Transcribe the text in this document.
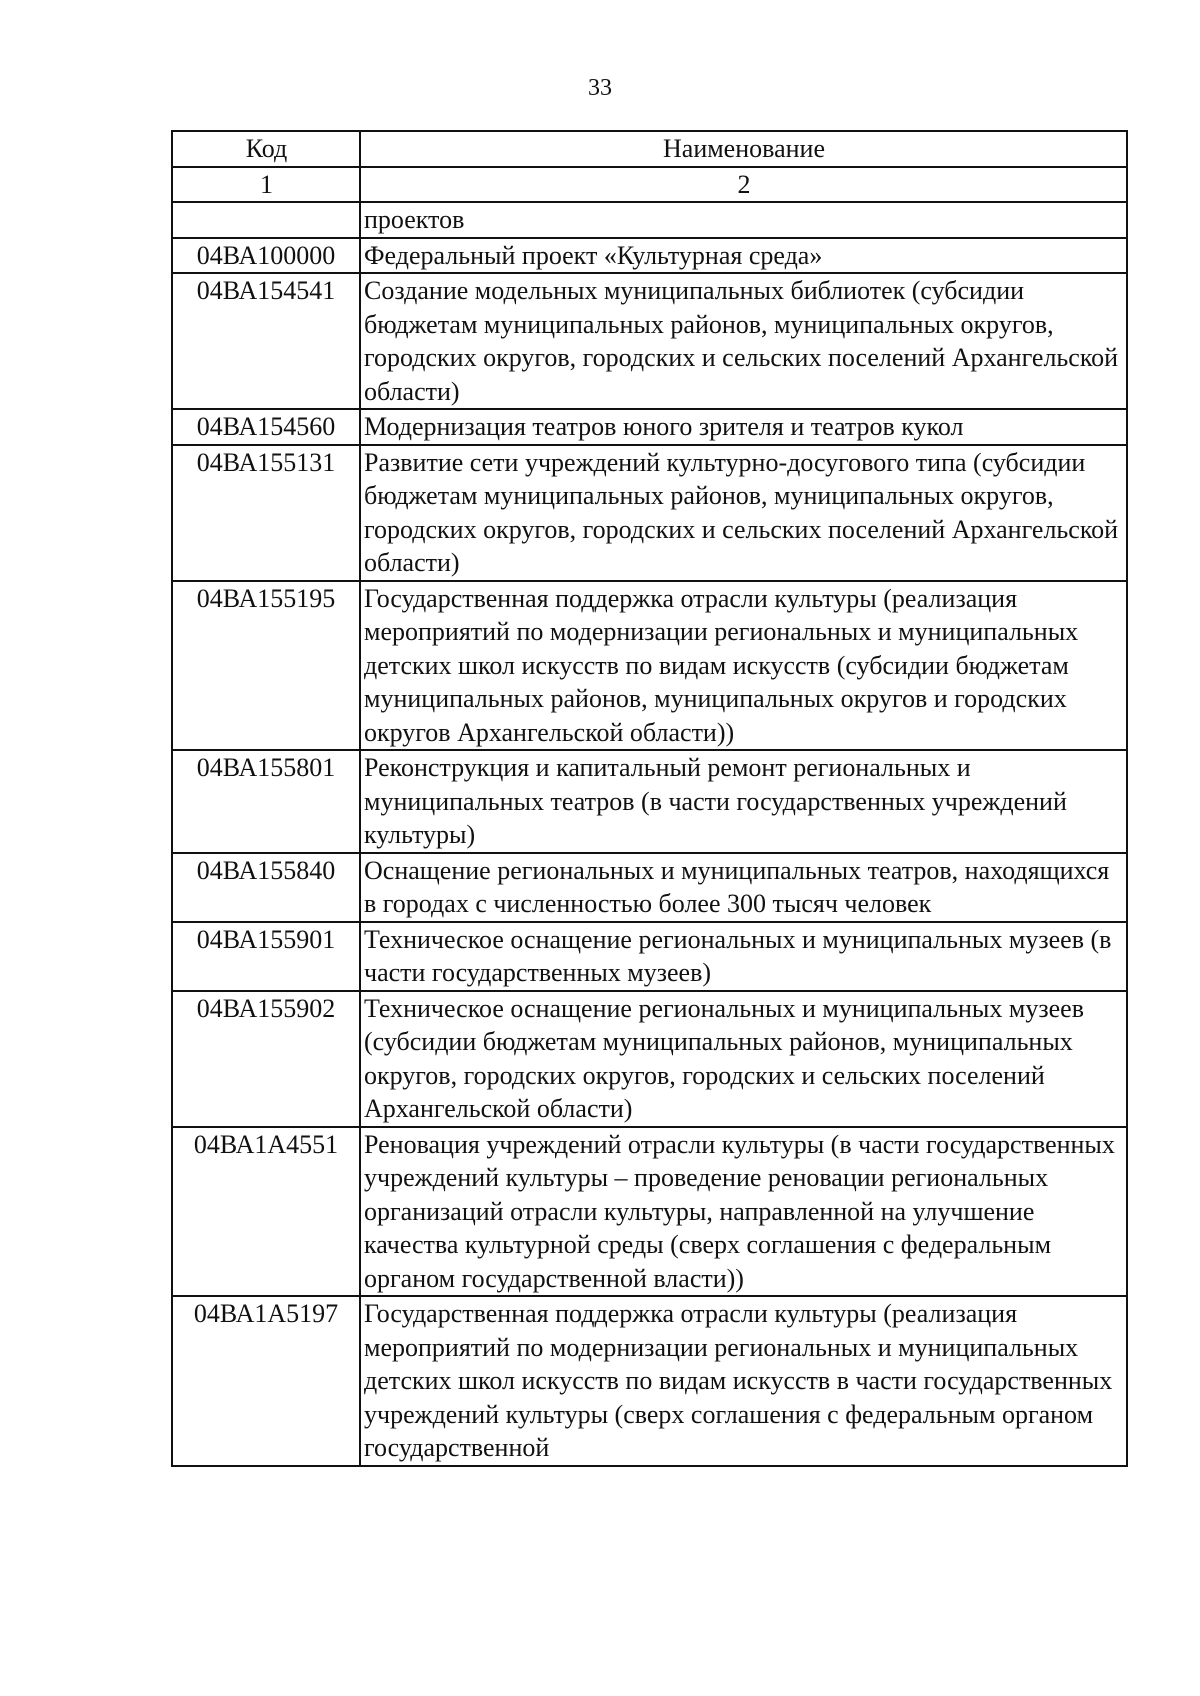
33
Код	Наименование
1	2
	проектов
04ВА100000	Федеральный проект «Культурная среда»
04ВА154541	Создание модельных муниципальных библиотек (субсидии бюджетам муниципальных районов, муниципальных округов, городских округов, городских и сельских поселений Архангельской области)
04ВА154560	Модернизация театров юного зрителя и театров кукол
04ВА155131	Развитие сети учреждений культурно-досугового типа (субсидии бюджетам муниципальных районов, муниципальных округов, городских округов, городских и сельских поселений Архангельской области)
04ВА155195	Государственная поддержка отрасли культуры (реализация мероприятий по модернизации региональных и муниципальных детских школ искусств по видам искусств (субсидии бюджетам муниципальных районов, муниципальных округов и городских округов Архангельской области))
04ВА155801	Реконструкция и капитальный ремонт региональных и муниципальных театров (в части государственных учреждений культуры)
04ВА155840	Оснащение региональных и муниципальных театров, находящихся в городах с численностью более 300 тысяч человек
04ВА155901	Техническое оснащение региональных и муниципальных музеев (в части государственных музеев)
04ВА155902	Техническое оснащение региональных и муниципальных музеев (субсидии бюджетам муниципальных районов, муниципальных округов, городских округов, городских и сельских поселений Архангельской области)
04ВА1А4551	Реновация учреждений отрасли культуры (в части государственных учреждений культуры – проведение реновации региональных организаций отрасли культуры, направленной на улучшение качества культурной среды (сверх соглашения с федеральным органом государственной власти))
04ВА1А5197	Государственная поддержка отрасли культуры (реализация мероприятий по модернизации региональных и муниципальных детских школ искусств по видам искусств в части государственных учреждений культуры (сверх соглашения с федеральным органом государственной
